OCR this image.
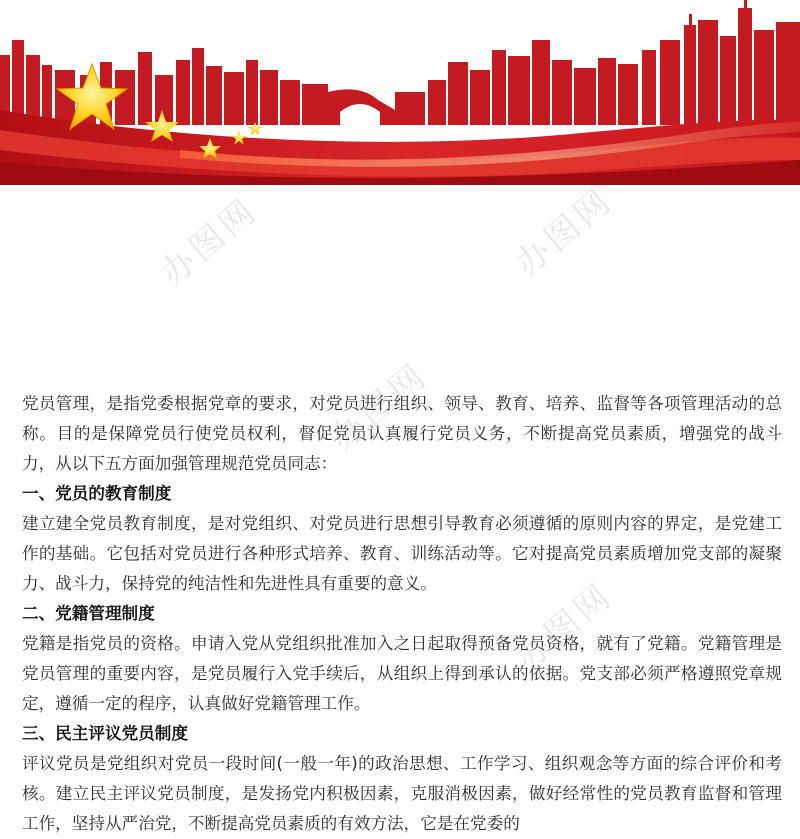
办图网	办图网
办图网
办图网

党员管理，是指党委根据党章的要求，对党员进行组织、领导、教育、培养、监督等各项管理活动的总称。目的是保障党员行使党员权利，督促党员认真履行党员义务，不断提高党员素质，增强党的战斗力，从以下五方面加强管理规范党员同志：

一、党员的教育制度

建立建全党员教育制度，是对党组织、对党员进行思想引导教育必须遵循的原则内容的界定，是党建工作的基础。它包括对党员进行各种形式培养、教育、训练活动等。它对提高党员素质增加党支部的凝聚力、战斗力，保持党的纯洁性和先进性具有重要的意义。

二、党籍管理制度

党籍是指党员的资格。申请入党从党组织批准加入之日起取得预备党员资格，就有了党籍。党籍管理是党员管理的重要内容，是党员履行入党手续后，从组织上得到承认的依据。党支部必须严格遵照党章规定，遵循一定的程序，认真做好党籍管理工作。

三、民主评议党员制度

评议党员是党组织对党员一段时间(一般一年)的政治思想、工作学习、组织观念等方面的综合评价和考核。建立民主评议党员制度，是发扬党内积极因素，克服消极因素，做好经常性的党员教育监督和管理工作，坚持从严治党，不断提高党员素质的有效方法，它是在党委的
